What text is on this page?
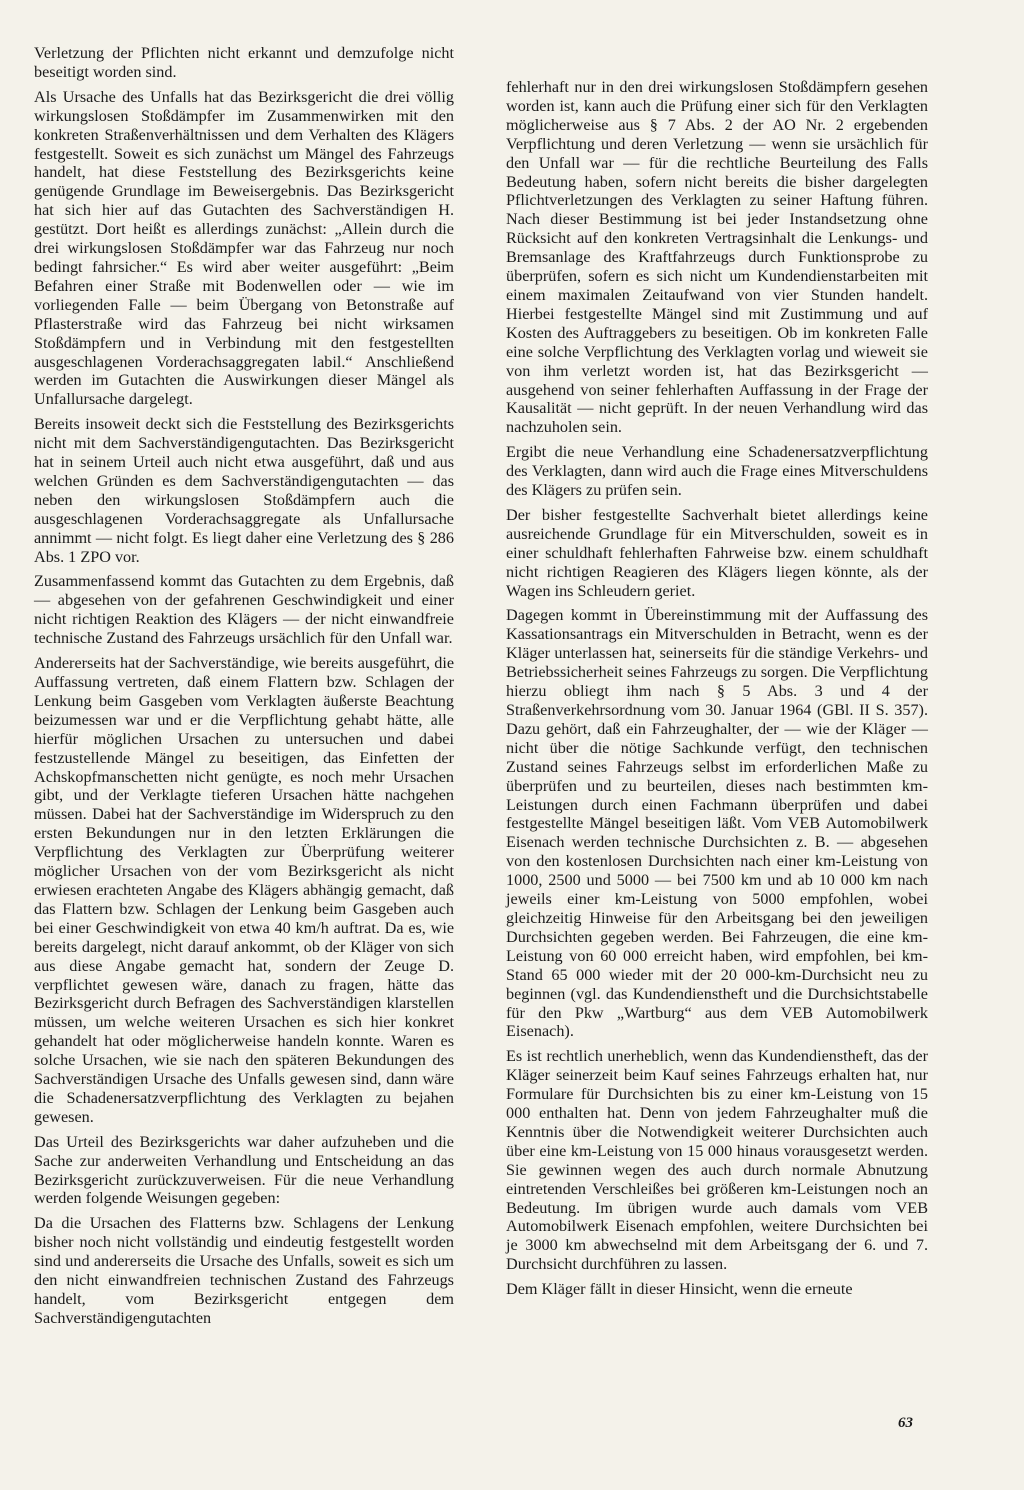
Verletzung der Pflichten nicht erkannt und demzufolge nicht beseitigt worden sind.

Als Ursache des Unfalls hat das Bezirksgericht die drei völlig wirkungslosen Stoßdämpfer im Zusammenwirken mit den konkreten Straßenverhältnissen und dem Verhalten des Klägers festgestellt. Soweit es sich zunächst um Mängel des Fahrzeugs handelt, hat diese Feststellung des Bezirksgerichts keine genügende Grundlage im Beweisergebnis. Das Bezirksgericht hat sich hier auf das Gutachten des Sachverständigen H. gestützt. Dort heißt es allerdings zunächst: „Allein durch die drei wirkungslosen Stoßdämpfer war das Fahrzeug nur noch bedingt fahrsicher.“ Es wird aber weiter ausgeführt: „Beim Befahren einer Straße mit Bodenwellen oder — wie im vorliegenden Falle — beim Übergang von Betonstraße auf Pflasterstraße wird das Fahrzeug bei nicht wirksamen Stoßdämpfern und in Verbindung mit den festgestellten ausgeschlagenen Vorderachsaggregaten labil.“ Anschließend werden im Gutachten die Auswirkungen dieser Mängel als Unfallursache dargelegt.

Bereits insoweit deckt sich die Feststellung des Bezirksgerichts nicht mit dem Sachverständigengutachten. Das Bezirksgericht hat in seinem Urteil auch nicht etwa ausgeführt, daß und aus welchen Gründen es dem Sachverständigengutachten — das neben den wirkungslosen Stoßdämpfern auch die ausgeschlagenen Vorderachsaggregate als Unfallursache annimmt — nicht folgt. Es liegt daher eine Verletzung des § 286 Abs. 1 ZPO vor.

Zusammenfassend kommt das Gutachten zu dem Ergebnis, daß — abgesehen von der gefahrenen Geschwindigkeit und einer nicht richtigen Reaktion des Klägers — der nicht einwandfreie technische Zustand des Fahrzeugs ursächlich für den Unfall war.

Andererseits hat der Sachverständige, wie bereits ausgeführt, die Auffassung vertreten, daß einem Flattern bzw. Schlagen der Lenkung beim Gasgeben vom Verklagten äußerste Beachtung beizumessen war und er die Verpflichtung gehabt hätte, alle hierfür möglichen Ursachen zu untersuchen und dabei festzustellende Mängel zu beseitigen, das Einfetten der Achskopfmanschetten nicht genügte, es noch mehr Ursachen gibt, und der Verklagte tieferen Ursachen hätte nachgehen müssen. Dabei hat der Sachverständige im Widerspruch zu den ersten Bekundungen nur in den letzten Erklärungen die Verpflichtung des Verklagten zur Überprüfung weiterer möglicher Ursachen von der vom Bezirksgericht als nicht erwiesen erachteten Angabe des Klägers abhängig gemacht, daß das Flattern bzw. Schlagen der Lenkung beim Gasgeben auch bei einer Geschwindigkeit von etwa 40 km/h auftrat. Da es, wie bereits dargelegt, nicht darauf ankommt, ob der Kläger von sich aus diese Angabe gemacht hat, sondern der Zeuge D. verpflichtet gewesen wäre, danach zu fragen, hätte das Bezirksgericht durch Befragen des Sachverständigen klarstellen müssen, um welche weiteren Ursachen es sich hier konkret gehandelt hat oder möglicherweise handeln konnte. Waren es solche Ursachen, wie sie nach den späteren Bekundungen des Sachverständigen Ursache des Unfalls gewesen sind, dann wäre die Schadenersatzverpflichtung des Verklagten zu bejahen gewesen.

Das Urteil des Bezirksgerichts war daher aufzuheben und die Sache zur anderweiten Verhandlung und Entscheidung an das Bezirksgericht zurückzuverweisen. Für die neue Verhandlung werden folgende Weisungen gegeben:

Da die Ursachen des Flatterns bzw. Schlagens der Lenkung bisher noch nicht vollständig und eindeutig festgestellt worden sind und andererseits die Ursache des Unfalls, soweit es sich um den nicht einwandfreien technischen Zustand des Fahrzeugs handelt, vom Bezirksgericht entgegen dem Sachverständigengutachten

fehlerhaft nur in den drei wirkungslosen Stoßdämpfern gesehen worden ist, kann auch die Prüfung einer sich für den Verklagten möglicherweise aus § 7 Abs. 2 der AO Nr. 2 ergebenden Verpflichtung und deren Verletzung — wenn sie ursächlich für den Unfall war — für die rechtliche Beurteilung des Falls Bedeutung haben, sofern nicht bereits die bisher dargelegten Pflichtverletzungen des Verklagten zu seiner Haftung führen. Nach dieser Bestimmung ist bei jeder Instandsetzung ohne Rücksicht auf den konkreten Vertragsinhalt die Lenkungs- und Bremsanlage des Kraftfahrzeugs durch Funktionsprobe zu überprüfen, sofern es sich nicht um Kundendienstarbeiten mit einem maximalen Zeitaufwand von vier Stunden handelt. Hierbei festgestellte Mängel sind mit Zustimmung und auf Kosten des Auftraggebers zu beseitigen. Ob im konkreten Falle eine solche Verpflichtung des Verklagten vorlag und wieweit sie von ihm verletzt worden ist, hat das Bezirksgericht — ausgehend von seiner fehlerhaften Auffassung in der Frage der Kausalität — nicht geprüft. In der neuen Verhandlung wird das nachzuholen sein.

Ergibt die neue Verhandlung eine Schadenersatzverpflichtung des Verklagten, dann wird auch die Frage eines Mitverschuldens des Klägers zu prüfen sein.

Der bisher festgestellte Sachverhalt bietet allerdings keine ausreichende Grundlage für ein Mitverschulden, soweit es in einer schuldhaft fehlerhaften Fahrweise bzw. einem schuldhaft nicht richtigen Reagieren des Klägers liegen könnte, als der Wagen ins Schleudern geriet.

Dagegen kommt in Übereinstimmung mit der Auffassung des Kassationsantrags ein Mitverschulden in Betracht, wenn es der Kläger unterlassen hat, seinerseits für die ständige Verkehrs- und Betriebssicherheit seines Fahrzeugs zu sorgen. Die Verpflichtung hierzu obliegt ihm nach § 5 Abs. 3 und 4 der Straßenverkehrsordnung vom 30. Januar 1964 (GBl. II S. 357). Dazu gehört, daß ein Fahrzeughalter, der — wie der Kläger — nicht über die nötige Sachkunde verfügt, den technischen Zustand seines Fahrzeugs selbst im erforderlichen Maße zu überprüfen und zu beurteilen, dieses nach bestimmten km-Leistungen durch einen Fachmann überprüfen und dabei festgestellte Mängel beseitigen läßt. Vom VEB Automobilwerk Eisenach werden technische Durchsichten z. B. — abgesehen von den kostenlosen Durchsichten nach einer km-Leistung von 1000, 2500 und 5000 — bei 7500 km und ab 10 000 km nach jeweils einer km-Leistung von 5000 empfohlen, wobei gleichzeitig Hinweise für den Arbeitsgang bei den jeweiligen Durchsichten gegeben werden. Bei Fahrzeugen, die eine km-Leistung von 60 000 erreicht haben, wird empfohlen, bei km-Stand 65 000 wieder mit der 20 000-km-Durchsicht neu zu beginnen (vgl. das Kundendienstheft und die Durchsichtstabelle für den Pkw „Wartburg“ aus dem VEB Automobilwerk Eisenach).

Es ist rechtlich unerheblich, wenn das Kundendienstheft, das der Kläger seinerzeit beim Kauf seines Fahrzeugs erhalten hat, nur Formulare für Durchsichten bis zu einer km-Leistung von 15 000 enthalten hat. Denn von jedem Fahrzeughalter muß die Kenntnis über die Notwendigkeit weiterer Durchsichten auch über eine km-Leistung von 15 000 hinaus vorausgesetzt werden. Sie gewinnen wegen des auch durch normale Abnutzung eintretenden Verschleißes bei größeren km-Leistungen noch an Bedeutung. Im übrigen wurde auch damals vom VEB Automobilwerk Eisenach empfohlen, weitere Durchsichten bei je 3000 km abwechselnd mit dem Arbeitsgang der 6. und 7. Durchsicht durchführen zu lassen.

Dem Kläger fällt in dieser Hinsicht, wenn die erneute

63
